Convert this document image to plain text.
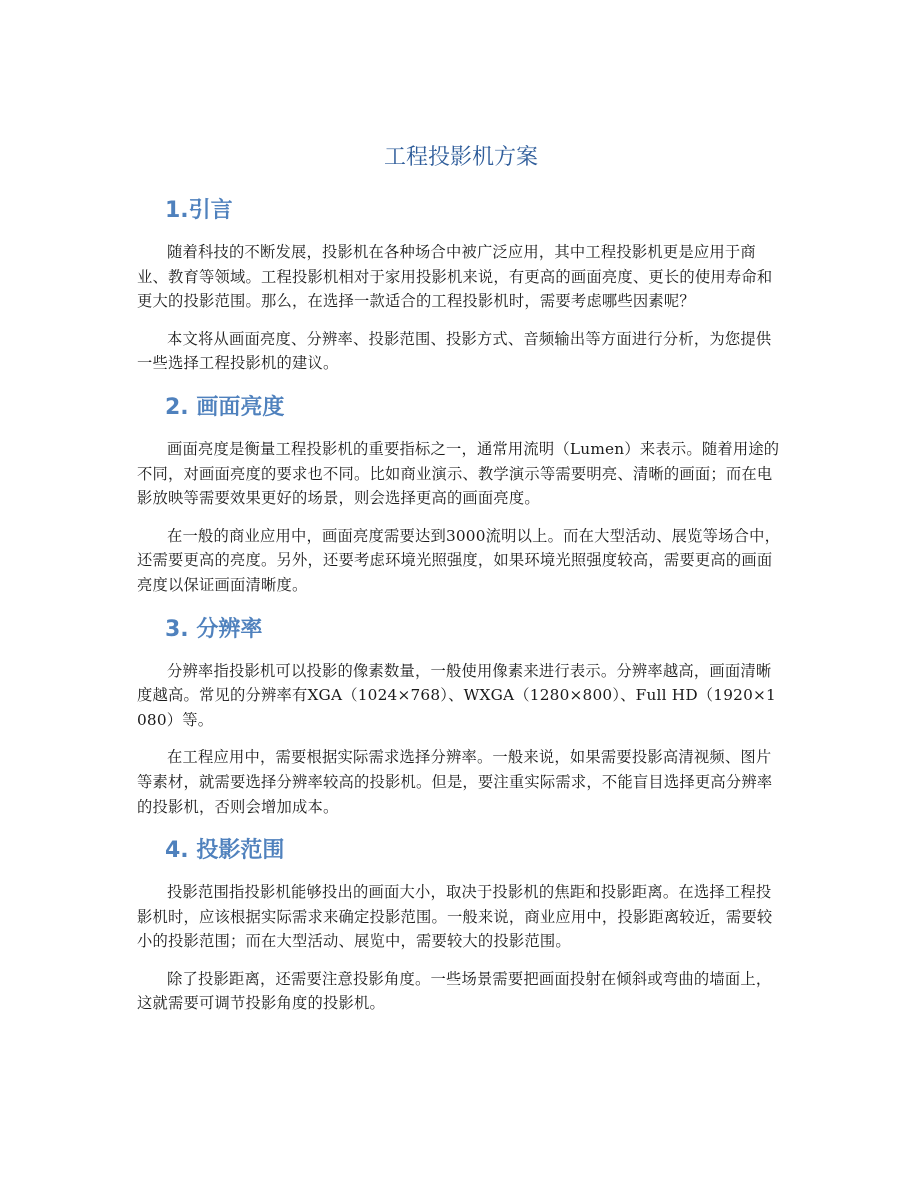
工程投影机方案
1.引言

随着科技的不断发展，投影机在各种场合中被广泛应用，其中工程投影机更是应用于商业、教育等领域。工程投影机相对于家用投影机来说，有更高的画面亮度、更长的使用寿命和更大的投影范围。那么，在选择一款适合的工程投影机时，需要考虑哪些因素呢？

本文将从画面亮度、分辨率、投影范围、投影方式、音频输出等方面进行分析，为您提供一些选择工程投影机的建议。

2. 画面亮度

画面亮度是衡量工程投影机的重要指标之一，通常用流明（Lumen）来表示。随着用途的不同，对画面亮度的要求也不同。比如商业演示、教学演示等需要明亮、清晰的画面；而在电影放映等需要效果更好的场景，则会选择更高的画面亮度。

在一般的商业应用中，画面亮度需要达到3000流明以上。而在大型活动、展览等场合中，还需要更高的亮度。另外，还要考虑环境光照强度，如果环境光照强度较高，需要更高的画面亮度以保证画面清晰度。

3. 分辨率

分辨率指投影机可以投影的像素数量，一般使用像素来进行表示。分辨率越高，画面清晰度越高。常见的分辨率有XGA（1024×768）、WXGA（1280×800）、Full HD（1920×1080）等。

在工程应用中，需要根据实际需求选择分辨率。一般来说，如果需要投影高清视频、图片等素材，就需要选择分辨率较高的投影机。但是，要注重实际需求，不能盲目选择更高分辨率的投影机，否则会增加成本。

4. 投影范围

投影范围指投影机能够投出的画面大小，取决于投影机的焦距和投影距离。在选择工程投影机时，应该根据实际需求来确定投影范围。一般来说，商业应用中，投影距离较近，需要较小的投影范围；而在大型活动、展览中，需要较大的投影范围。

除了投影距离，还需要注意投影角度。一些场景需要把画面投射在倾斜或弯曲的墙面上，这就需要可调节投影角度的投影机。
